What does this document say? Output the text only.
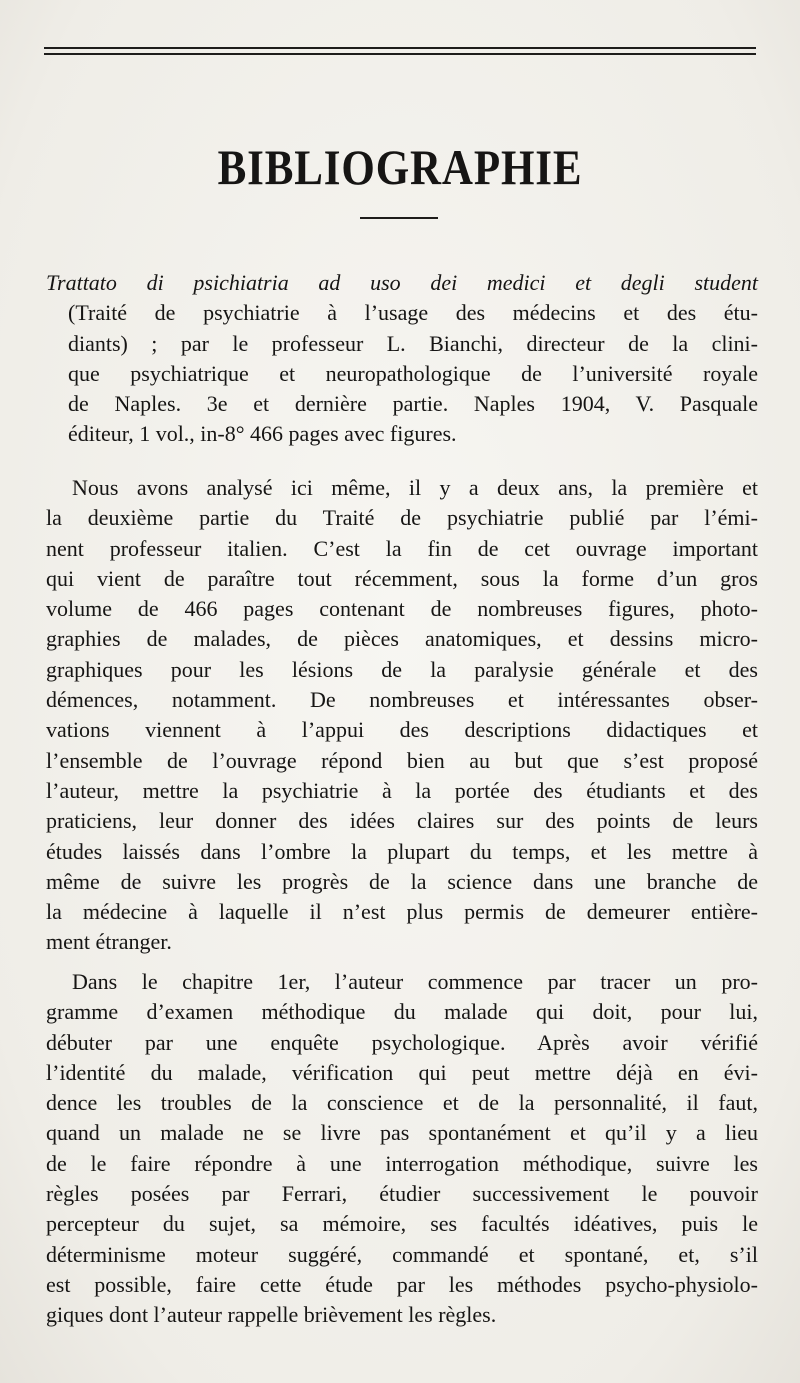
BIBLIOGRAPHIE
Trattato di psichiatria ad uso dei medici et degli student
(Traité de psychiatrie à l’usage des médecins et des étu-
diants) ; par le professeur L. Bianchi, directeur de la clini-
que psychiatrique et neuropathologique de l’université royale
de Naples. 3e et dernière partie. Naples 1904, V. Pasquale
éditeur, 1 vol., in-8° 466 pages avec figures.
Nous avons analysé ici même, il y a deux ans, la première et
la deuxième partie du Traité de psychiatrie publié par l’émi-
nent professeur italien. C’est la fin de cet ouvrage important
qui vient de paraître tout récemment, sous la forme d’un gros
volume de 466 pages contenant de nombreuses figures, photo-
graphies de malades, de pièces anatomiques, et dessins micro-
graphiques pour les lésions de la paralysie générale et des
démences, notamment. De nombreuses et intéressantes obser-
vations viennent à l’appui des descriptions didactiques et
l’ensemble de l’ouvrage répond bien au but que s’est proposé
l’auteur, mettre la psychiatrie à la portée des étudiants et des
praticiens, leur donner des idées claires sur des points de leurs
études laissés dans l’ombre la plupart du temps, et les mettre à
même de suivre les progrès de la science dans une branche de
la médecine à laquelle il n’est plus permis de demeurer entière-
ment étranger.
Dans le chapitre 1er, l’auteur commence par tracer un pro-
gramme d’examen méthodique du malade qui doit, pour lui,
débuter par une enquête psychologique. Après avoir vérifié
l’identité du malade, vérification qui peut mettre déjà en évi-
dence les troubles de la conscience et de la personnalité, il faut,
quand un malade ne se livre pas spontanément et qu’il y a lieu
de le faire répondre à une interrogation méthodique, suivre les
règles posées par Ferrari, étudier successivement le pouvoir
percepteur du sujet, sa mémoire, ses facultés idéatives, puis le
déterminisme moteur suggéré, commandé et spontané, et, s’il
est possible, faire cette étude par les méthodes psycho-physiolo-
giques dont l’auteur rappelle brièvement les règles.
